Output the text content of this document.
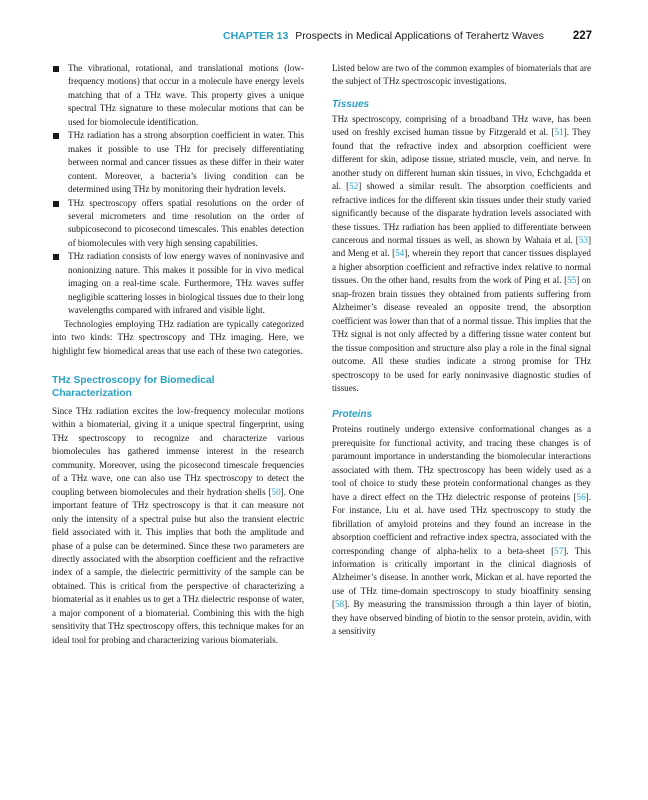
CHAPTER 13 Prospects in Medical Applications of Terahertz Waves	227
The vibrational, rotational, and translational motions (low-frequency motions) that occur in a molecule have energy levels matching that of a THz wave. This property gives a unique spectral THz signature to these molecular motions that can be used for biomolecule identification.
THz radiation has a strong absorption coefficient in water. This makes it possible to use THz for precisely differentiating between normal and cancer tissues as these differ in their water content. Moreover, a bacteria’s living condition can be determined using THz by monitoring their hydration levels.
THz spectroscopy offers spatial resolutions on the order of several micrometers and time resolution on the order of subpicosecond to picosecond timescales. This enables detection of biomolecules with very high sensing capabilities.
THz radiation consists of low energy waves of noninvasive and nonionizing nature. This makes it possible for in vivo medical imaging on a real-time scale. Furthermore, THz waves suffer negligible scattering losses in biological tissues due to their long wavelengths compared with infrared and visible light.

Technologies employing THz radiation are typically categorized into two kinds: THz spectroscopy and THz imaging. Here, we highlight few biomedical areas that use each of these two categories.

THz Spectroscopy for Biomedical
Characterization

Since THz radiation excites the low-frequency molecular motions within a biomaterial, giving it a unique spectral fingerprint, using THz spectroscopy to recognize and characterize various biomolecules has gathered immense interest in the research community. Moreover, using the picosecond timescale frequencies of a THz wave, one can also use THz spectroscopy to detect the coupling between biomolecules and their hydration shells [50]. One important feature of THz spectroscopy is that it can measure not only the intensity of a spectral pulse but also the transient electric field associated with it. This implies that both the amplitude and phase of a pulse can be determined. Since these two parameters are directly associated with the absorption coefficient and the refractive index of a sample, the dielectric permittivity of the sample can be obtained. This is critical from the perspective of characterizing a biomaterial as it enables us to get a THz dielectric response of water, a major component of a biomaterial. Combining this with the high sensitivity that THz spectroscopy offers, this technique makes for an ideal tool for probing and characterizing various biomaterials.

Listed below are two of the common examples of biomaterials that are the subject of THz spectroscopic investigations.

Tissues

THz spectroscopy, comprising of a broadband THz wave, has been used on freshly excised human tissue by Fitzgerald et al. [51]. They found that the refractive index and absorption coefficient were different for skin, adipose tissue, striated muscle, vein, and nerve. In another study on different human skin tissues, in vivo, Echchgadda et al. [52] showed a similar result. The absorption coefficients and refractive indices for the different skin tissues under their study varied significantly because of the disparate hydration levels associated with these tissues. THz radiation has been applied to differentiate between cancerous and normal tissues as well, as shown by Wahaia et al. [53] and Meng et al. [54], wherein they report that cancer tissues displayed a higher absorption coefficient and refractive index relative to normal tissues. On the other hand, results from the work of Ping et al. [55] on snap-frozen brain tissues they obtained from patients suffering from Alzheimer’s disease revealed an opposite trend, the absorption coefficient was lower than that of a normal tissue. This implies that the THz signal is not only affected by a differing tissue water content but the tissue composition and structure also play a role in the final signal outcome. All these studies indicate a strong promise for THz spectroscopy to be used for early noninvasive diagnostic studies of tissues.

Proteins

Proteins routinely undergo extensive conformational changes as a prerequisite for functional activity, and tracing these changes is of paramount importance in understanding the biomolecular interactions associated with them. THz spectroscopy has been widely used as a tool of choice to study these protein conformational changes as they have a direct effect on the THz dielectric response of proteins [56]. For instance, Liu et al. have used THz spectroscopy to study the fibrillation of amyloid proteins and they found an increase in the absorption coefficient and refractive index spectra, associated with the corresponding change of alpha-helix to a beta-sheet [57]. This information is critically important in the clinical diagnosis of Alzheimer’s disease. In another work, Mickan et al. have reported the use of THz time-domain spectroscopy to study bioaffinity sensing [58]. By measuring the transmission through a thin layer of biotin, they have observed binding of biotin to the sensor protein, avidin, with a sensitivity
